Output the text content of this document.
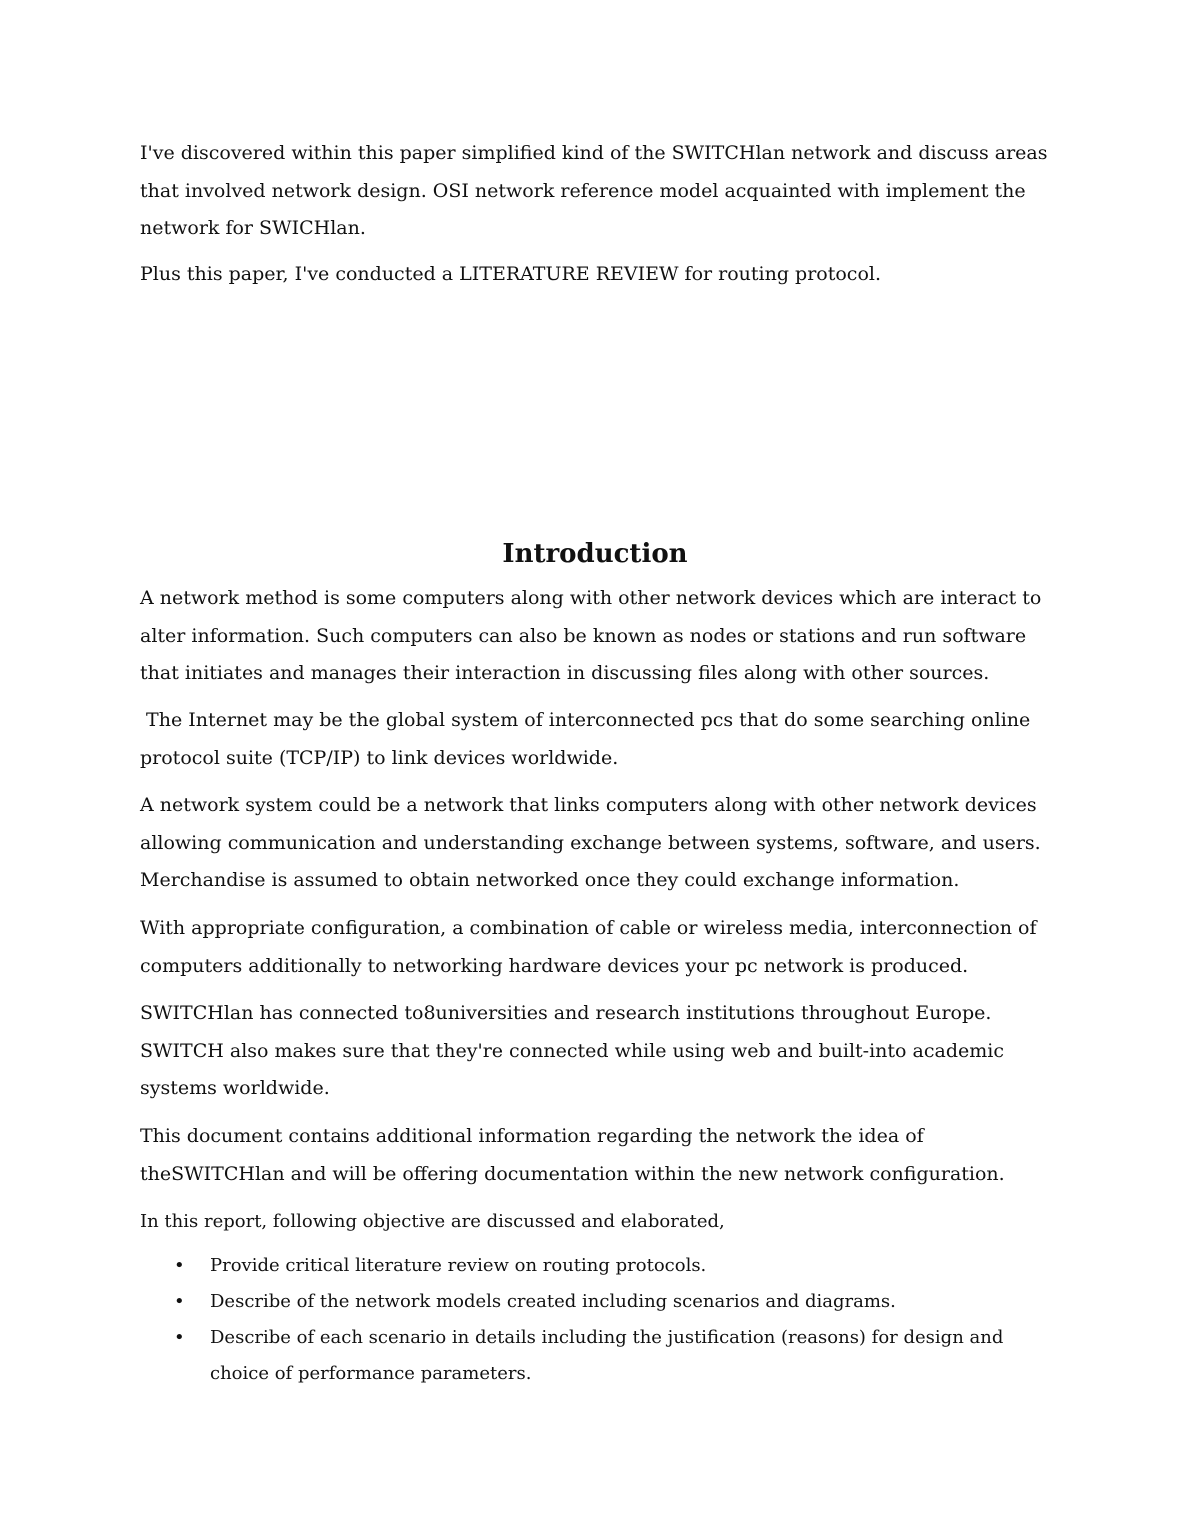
I've discovered within this paper simplified kind of the SWITCHlan network and discuss areas that involved network design. OSI network reference model acquainted with implement the network for SWICHlan.

Plus this paper, I've conducted a LITERATURE REVIEW for routing protocol.

Introduction

A network method is some computers along with other network devices which are interact to alter information. Such computers can also be known as nodes or stations and run software that initiates and manages their interaction in discussing files along with other sources.

The Internet may be the global system of interconnected pcs that do some searching online protocol suite (TCP/IP) to link devices worldwide.

A network system could be a network that links computers along with other network devices allowing communication and understanding exchange between systems, software, and users. Merchandise is assumed to obtain networked once they could exchange information.

With appropriate configuration, a combination of cable or wireless media, interconnection of computers additionally to networking hardware devices your pc network is produced.

SWITCHlan has connected to8universities and research institutions throughout Europe. SWITCH also makes sure that they're connected while using web and built-into academic systems worldwide.

This document contains additional information regarding the network the idea of theSWITCHlan and will be offering documentation within the new network configuration.

In this report, following objective are discussed and elaborated,

•	Provide critical literature review on routing protocols.
•	Describe of the network models created including scenarios and diagrams.
•	Describe of each scenario in details including the justification (reasons) for design and choice of performance parameters.
